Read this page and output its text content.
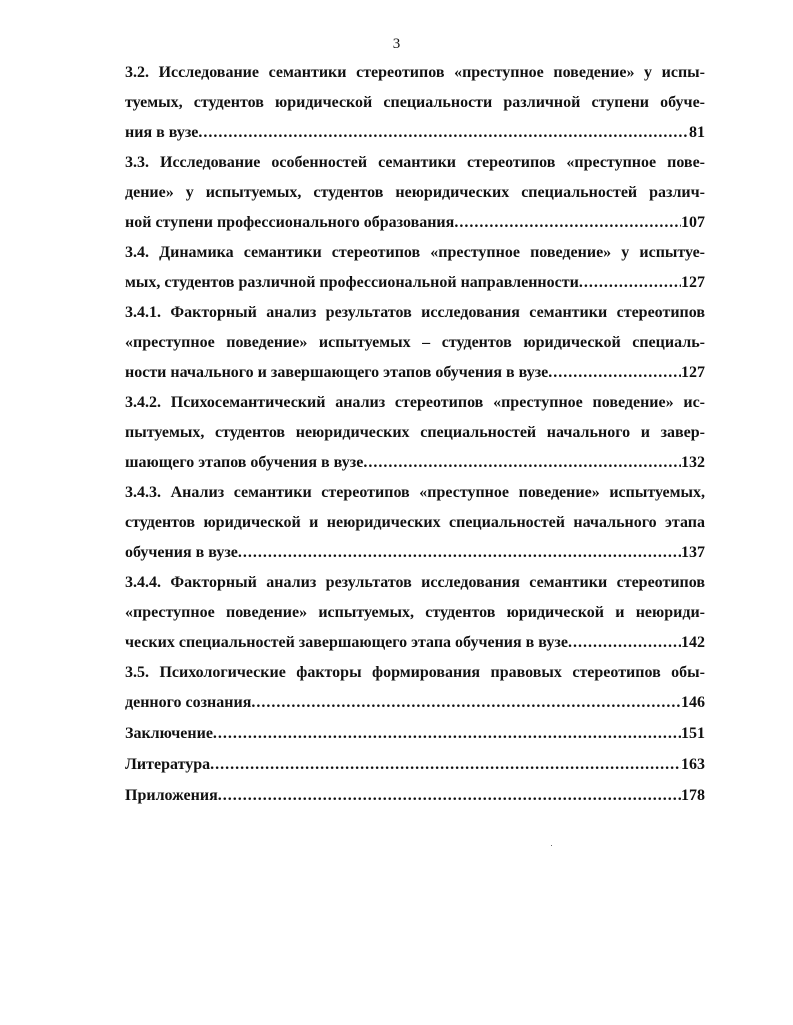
3
3.2. Исследование семантики стереотипов «преступное поведение» у испы-
туемых, студентов юридической специальности различной ступени обуче-
ния в вузе .....	81
3.3. Исследование особенностей семантики стереотипов «преступное пове-
дение» у испытуемых, студентов неюридических специальностей различ-
ной ступени профессионального образования .....	107
3.4. Динамика семантики стереотипов «преступное поведение» у испытуе-
мых, студентов различной профессиональной направленности .....	127
3.4.1. Факторный анализ результатов исследования семантики стереотипов
«преступное поведение» испытуемых – студентов юридической специаль-
ности начального и завершающего этапов обучения в вузе .....	127
3.4.2. Психосемантический анализ стереотипов «преступное поведение» ис-
пытуемых, студентов неюридических специальностей начального и завер-
шающего этапов обучения в вузе .....	132
3.4.3. Анализ семантики стереотипов «преступное поведение» испытуемых,
студентов юридической и неюридических специальностей начального этапа
обучения в вузе .....	137
3.4.4. Факторный анализ результатов исследования семантики стереотипов
«преступное поведение» испытуемых, студентов юридической и неюриди-
ческих специальностей завершающего этапа обучения в вузе .....	142
3.5. Психологические факторы формирования правовых стереотипов обы-
денного сознания .....	146
Заключение .....	151
Литература .....	163
Приложения .....	178
